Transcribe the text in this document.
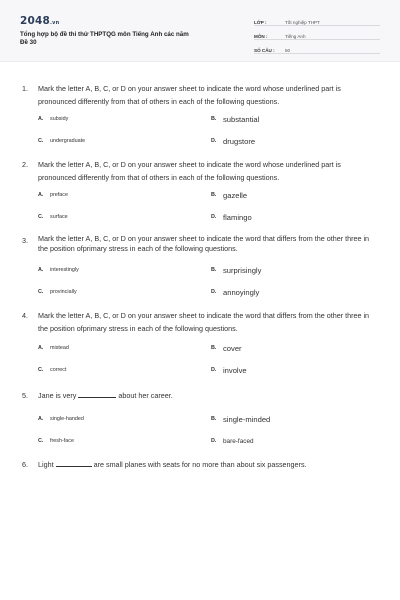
2048.vn
Tổng hợp bộ đề thi thử THPTQG môn Tiếng Anh các năm
Đề 30
LỚP :	Tốt nghiệp THPT
MÔN :	Tiếng Anh
SỐ CÂU :	50
1.	Mark the letter A, B, C, or D on your answer sheet to indicate the word whose underlined part is pronounced differently from that of others in each of the following questions.
A.	subsidy	B. substantial
C.	undergraduate	D. drugstore
2.	Mark the letter A, B, C, or D on your answer sheet to indicate the word whose underlined part is pronounced differently from that of others in each of the following questions.
A.	preface	B. gazelle
C.	surface	D. flamingo
3.	Mark the letter A, B, C, or D on your answer sheet to indicate the word that differs from the other three in the position ofprimary stress in each of the following questions.
A.	interestingly	B. surprisingly
C.	provincially	D. annoyingly
4.	Mark the letter A, B, C, or D on your answer sheet to indicate the word that differs from the other three in the position ofprimary stress in each of the following questions.
A.	mistead	B. cover
C.	correct	D. involve
5.	Jane is very	about her career.
A.	single-handed	B. single-minded
C.	fresh-face	D.	bare-faced
6.	Light	are small planes with seats for no more than about six passengers.
